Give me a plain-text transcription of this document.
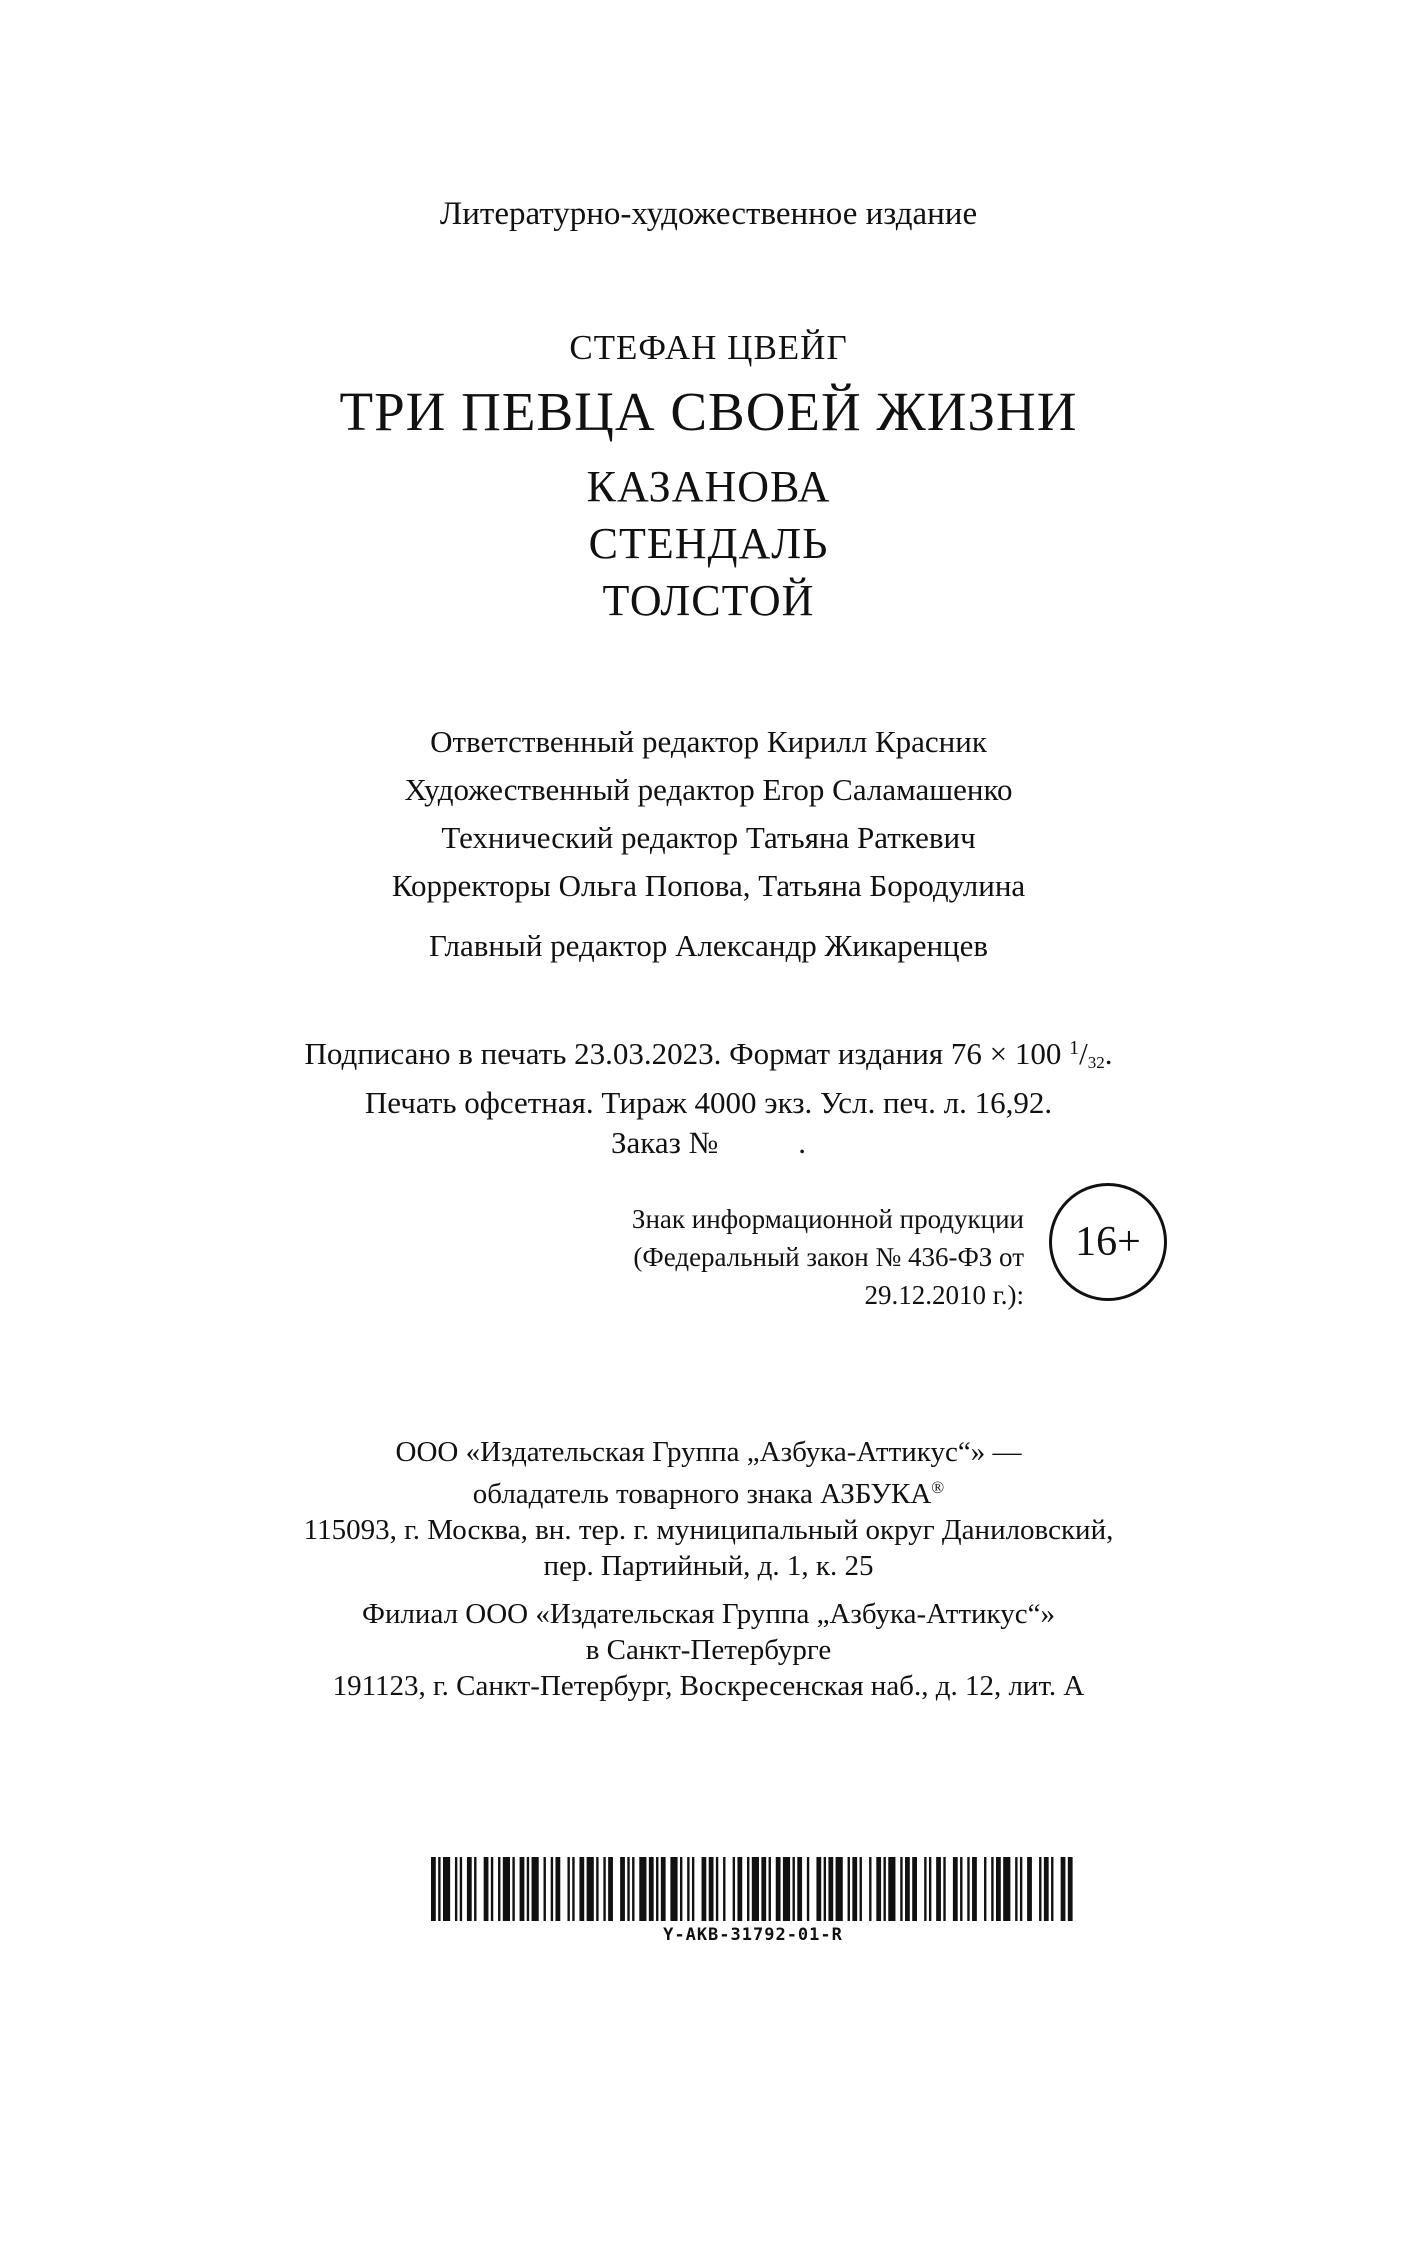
Литературно-художественное издание
СТЕФАН ЦВЕЙГ
ТРИ ПЕВЦА СВОЕЙ ЖИЗНИ
КАЗАНОВА
СТЕНДАЛЬ
ТОЛСТОЙ
Ответственный редактор Кирилл Красник
Художественный редактор Егор Саламашенко
Технический редактор Татьяна Раткевич
Корректоры Ольга Попова, Татьяна Бородулина
Главный редактор Александр Жикаренцев
Подписано в печать 23.03.2023. Формат издания 76 × 100 $^1$/32.
Печать офсетная. Тираж 4000 экз. Усл. печ. л. 16,92.
Заказ №	.
Знак информационной продукции
(Федеральный закон № 436-ФЗ от 29.12.2010 г.):
16+
ООО «Издательская Группа „Азбука-Аттикус“» —
обладатель товарного знака АЗБУКА®
115093, г. Москва, вн. тер. г. муниципальный округ Даниловский,
пер. Партийный, д. 1, к. 25
Филиал ООО «Издательская Группа „Азбука-Аттикус“»
в Санкт-Петербурге
191123, г. Санкт-Петербург, Воскресенская наб., д. 12, лит. А
Y-AKB-31792-01-R
